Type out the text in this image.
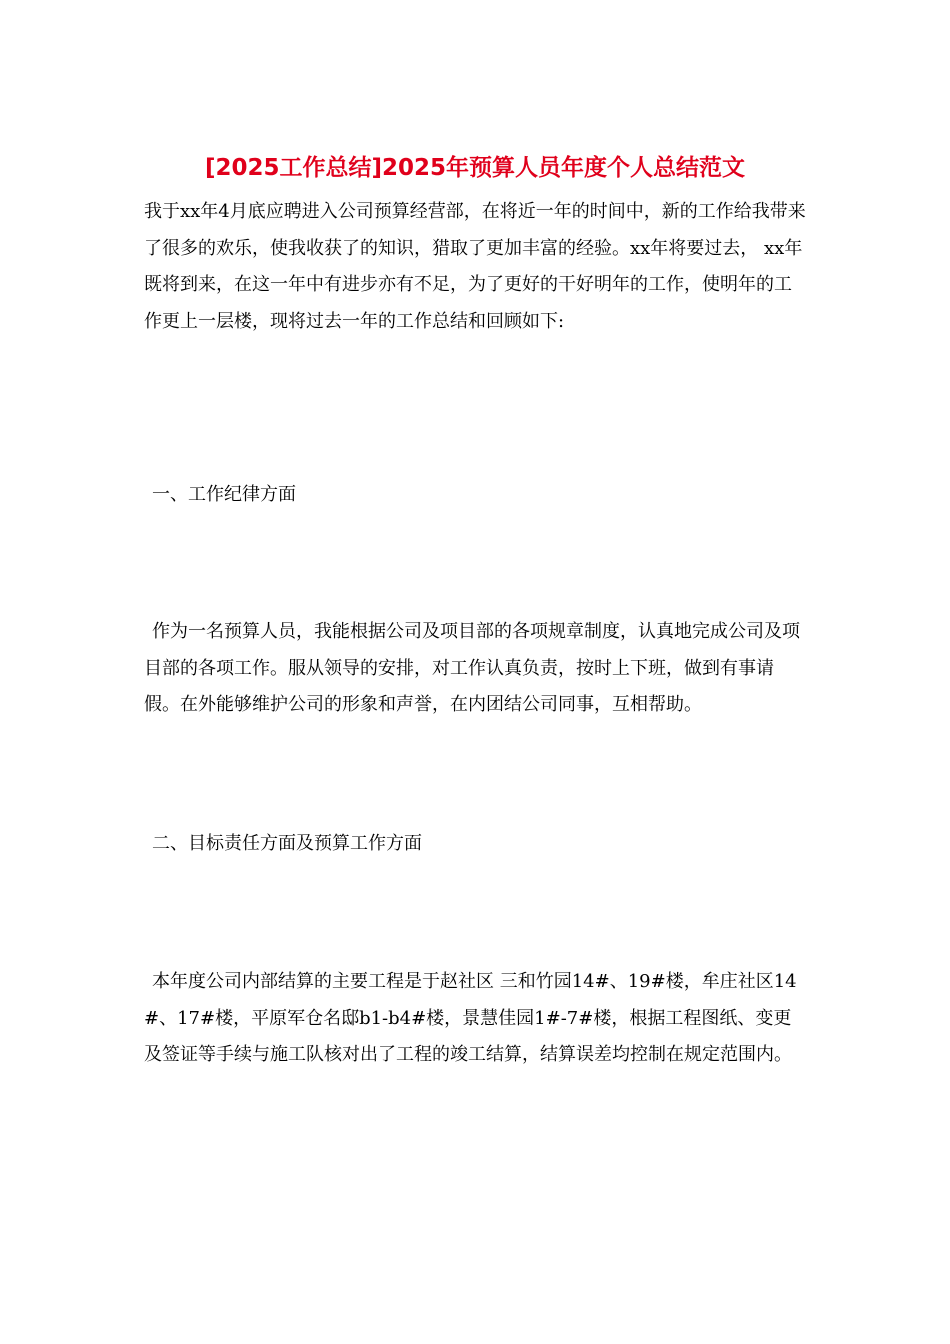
[2025工作总结]2025年预算人员年度个人总结范文

我于xx年4月底应聘进入公司预算经营部，在将近一年的时间中，新的工作给我带来了很多的欢乐，使我收获了的知识，猎取了更加丰富的经验。xx年将要过去， xx年既将到来，在这一年中有进步亦有不足，为了更好的干好明年的工作，使明年的工作更上一层楼，现将过去一年的工作总结和回顾如下:

一、工作纪律方面

作为一名预算人员，我能根据公司及项目部的各项规章制度，认真地完成公司及项目部的各项工作。服从领导的安排，对工作认真负责，按时上下班，做到有事请假。在外能够维护公司的形象和声誉，在内团结公司同事，互相帮助。

二、目标责任方面及预算工作方面

本年度公司内部结算的主要工程是于赵社区 三和竹园14#、19#楼，牟庄社区14#、17#楼，平原军仓名邸b1-b4#楼，景慧佳园1#-7#楼，根据工程图纸、变更及签证等手续与施工队核对出了工程的竣工结算，结算误差均控制在规定范围内。
